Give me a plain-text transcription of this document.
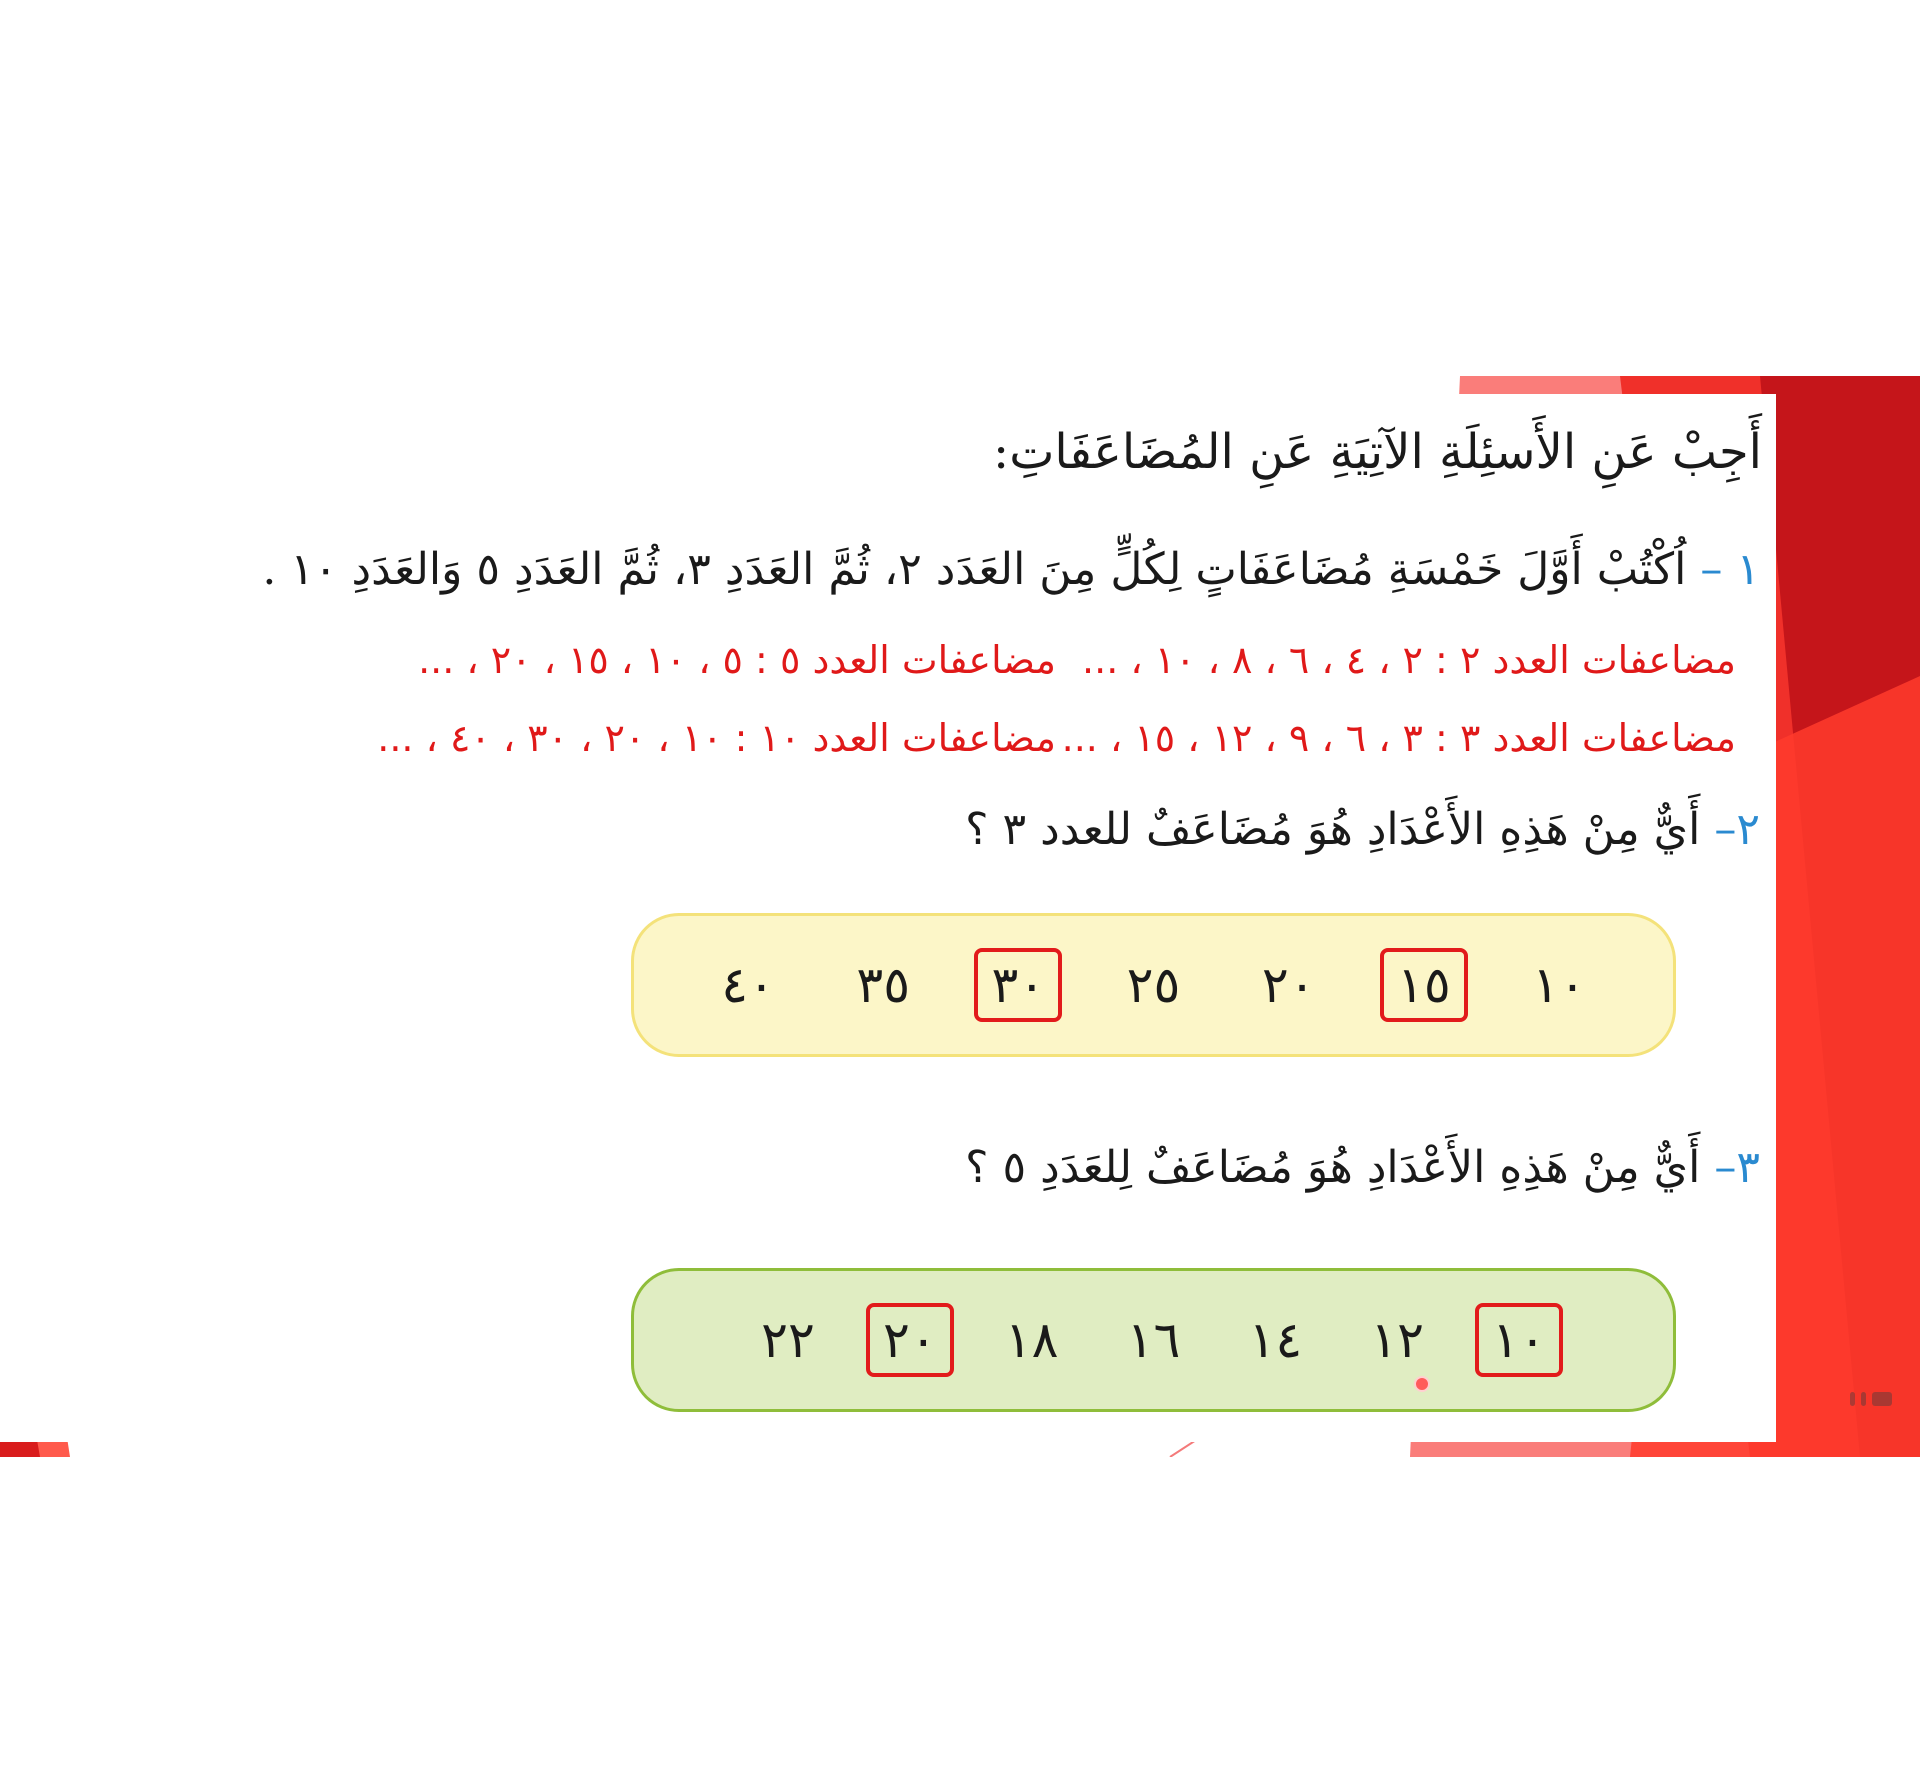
أَجِبْ عَنِ الأَسئِلَةِ الآتِيَةِ عَنِ المُضَاعَفَاتِ:
١ – اُكْتُبْ أَوَّلَ خَمْسَةِ مُضَاعَفَاتٍ لِكُلٍّ مِنَ العَدَد ٢، ثُمَّ العَدَدِ ٣، ثُمَّ العَدَدِ ٥ وَالعَدَدِ ١٠ .
مضاعفات العدد ٢ : ٢ ، ٤ ، ٦ ، ٨ ، ١٠ ، ...
مضاعفات العدد ٥ : ٥ ، ١٠ ، ١٥ ، ٢٠ ، ...
مضاعفات العدد ٣ : ٣ ، ٦ ، ٩ ، ١٢ ، ١٥ ، ...
مضاعفات العدد ١٠ : ١٠ ، ٢٠ ، ٣٠ ، ٤٠ ، ...
٢– أَيٌّ مِنْ هَذِهِ الأَعْدَادِ هُوَ مُضَاعَفٌ للعدد ٣ ؟
١٠
١٥
٢٠
٢٥
٣٠
٣٥
٤٠
٣– أَيٌّ مِنْ هَذِهِ الأَعْدَادِ هُوَ مُضَاعَفٌ لِلعَدَدِ ٥ ؟
١٠
١٢
١٤
١٦
١٨
٢٠
٢٢
